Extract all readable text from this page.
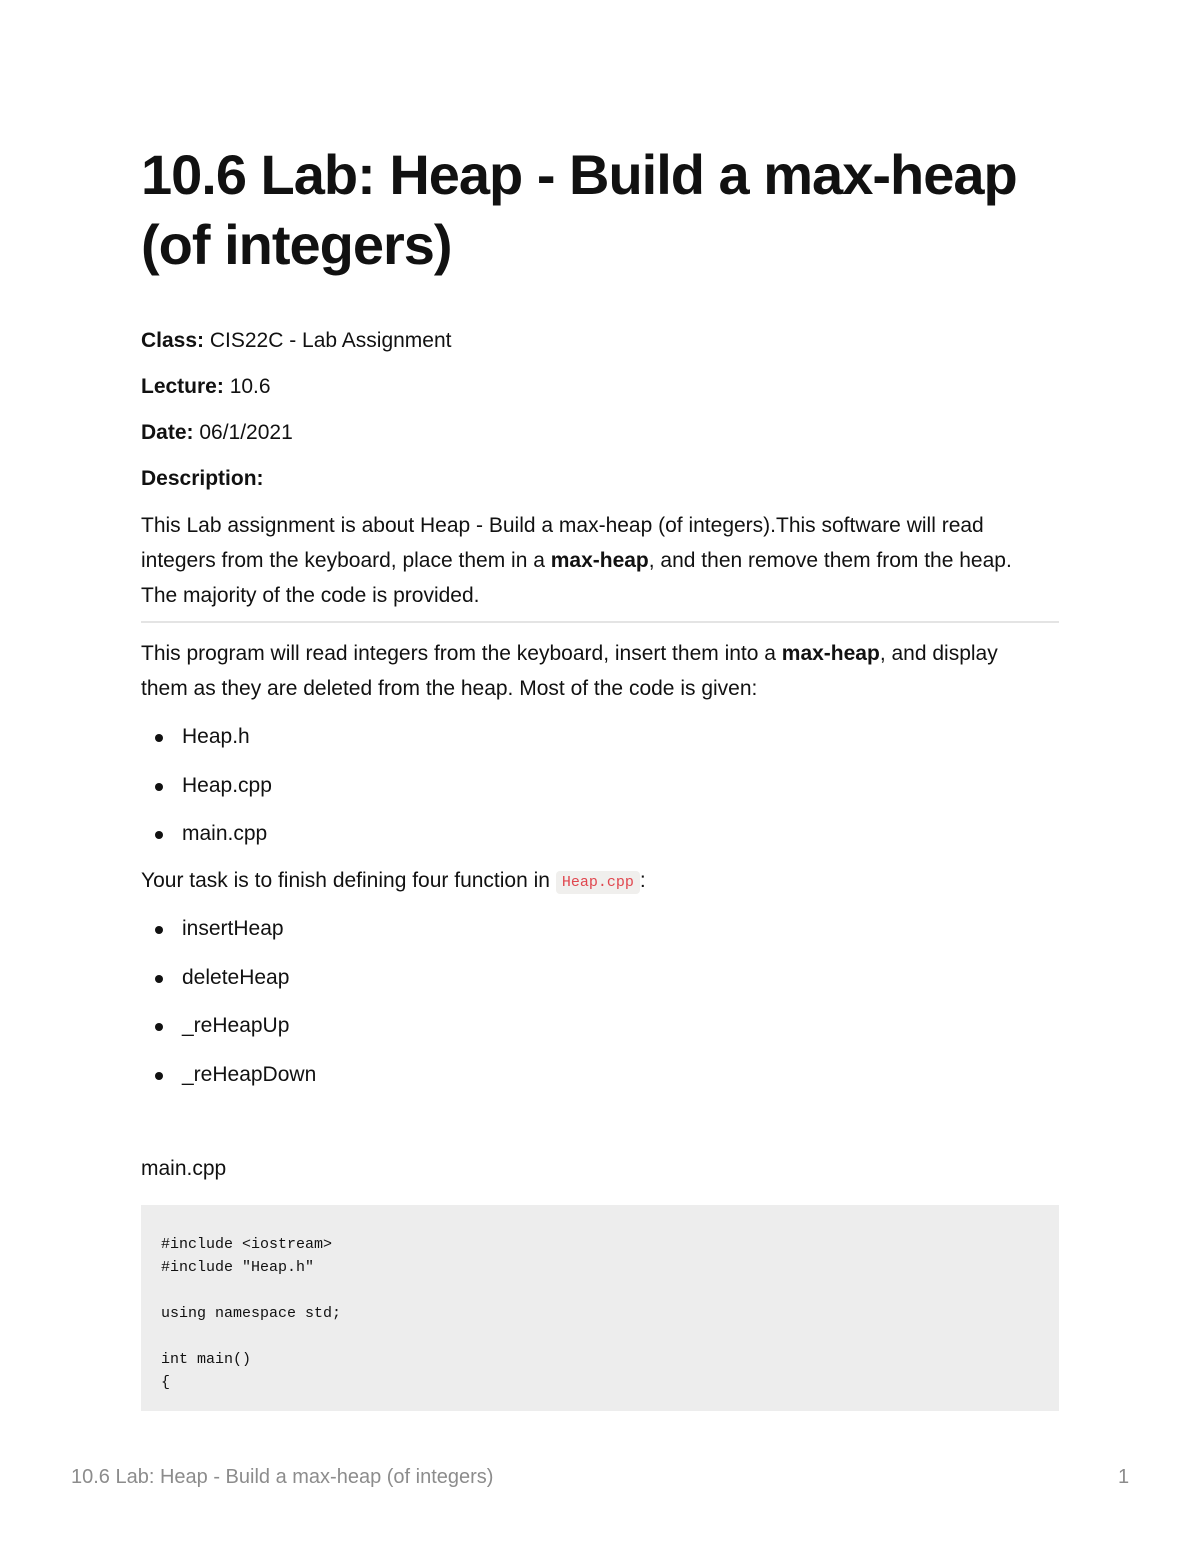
10.6 Lab: Heap - Build a max-heap (of integers)

Class: CIS22C - Lab Assignment

Lecture: 10.6

Date: 06/1/2021

Description:

This Lab assignment is about Heap - Build a max-heap (of integers).This software will read integers from the keyboard, place them in a max-heap, and then remove them from the heap. The majority of the code is provided.

This program will read integers from the keyboard, insert them into a max-heap, and display them as they are deleted from the heap. Most of the code is given:

Heap.h
Heap.cpp
main.cpp

Your task is to finish defining four function in Heap.cpp :

insertHeap
deleteHeap
_reHeapUp
_reHeapDown

main.cpp

#include <iostream>
#include "Heap.h"
using namespace std;
int main()
{
10.6 Lab: Heap - Build a max-heap (of integers)	1
